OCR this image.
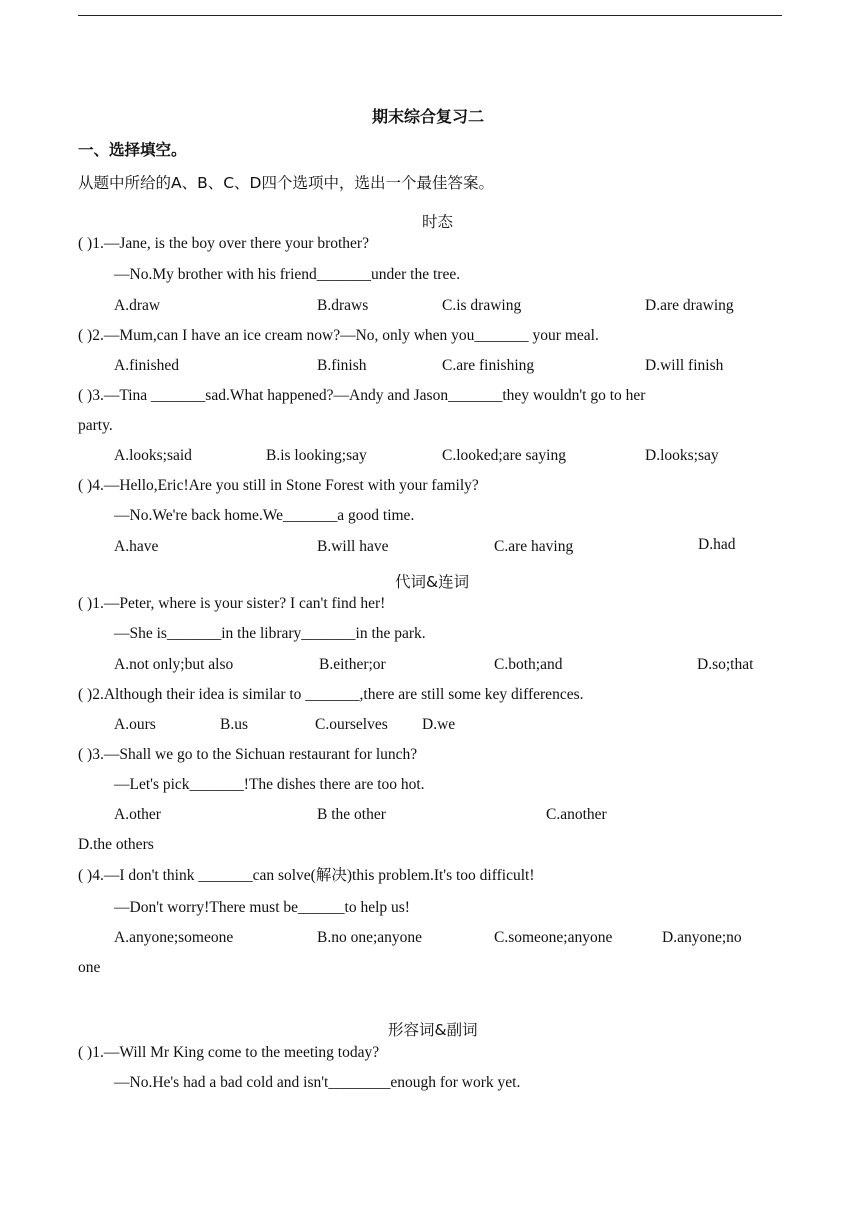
期末综合复习二
一、选择填空。
从题中所给的A、B、C、D四个选项中，选出一个最佳答案。
时态
( )1.—Jane, is the boy over there your brother?
—No.My brother with his friend_______under the tree.
A.draw	B.draws	C.is drawing	D.are drawing
( )2.—Mum,can I have an ice cream now?—No, only when you_______ your meal.
A.finished	B.finish	C.are finishing	D.will finish
( )3.—Tina _______sad.What happened?—Andy and Jason_______they wouldn't go to her
party.
A.looks;said	B.is looking;say	C.looked;are saying	D.looks;say
( )4.—Hello,Eric!Are you still in Stone Forest with your family?
—No.We're back home.We_______a good time.
A.have	B.will have	C.are having	D.had
代词&连词
( )1.—Peter, where is your sister? I can't find her!
—She is_______in the library_______in the park.
A.not only;but also	B.either;or	C.both;and	D.so;that
( )2.Although their idea is similar to _______,there are still some key differences.
A.ours	B.us	C.ourselves D.we
( )3.—Shall we go to the Sichuan restaurant for lunch?
—Let's pick_______!The dishes there are too hot.
A.other	B the other	C.another
D.the others
( )4.—I don't think _______can solve(解决)this problem.It's too difficult!
—Don't worry!There must be______to help us!
A.anyone;someone	B.no one;anyone	C.someone;anyone	D.anyone;no
one
形容词&副词
( )1.—Will Mr King come to the meeting today?
—No.He's had a bad cold and isn't________enough for work yet.
